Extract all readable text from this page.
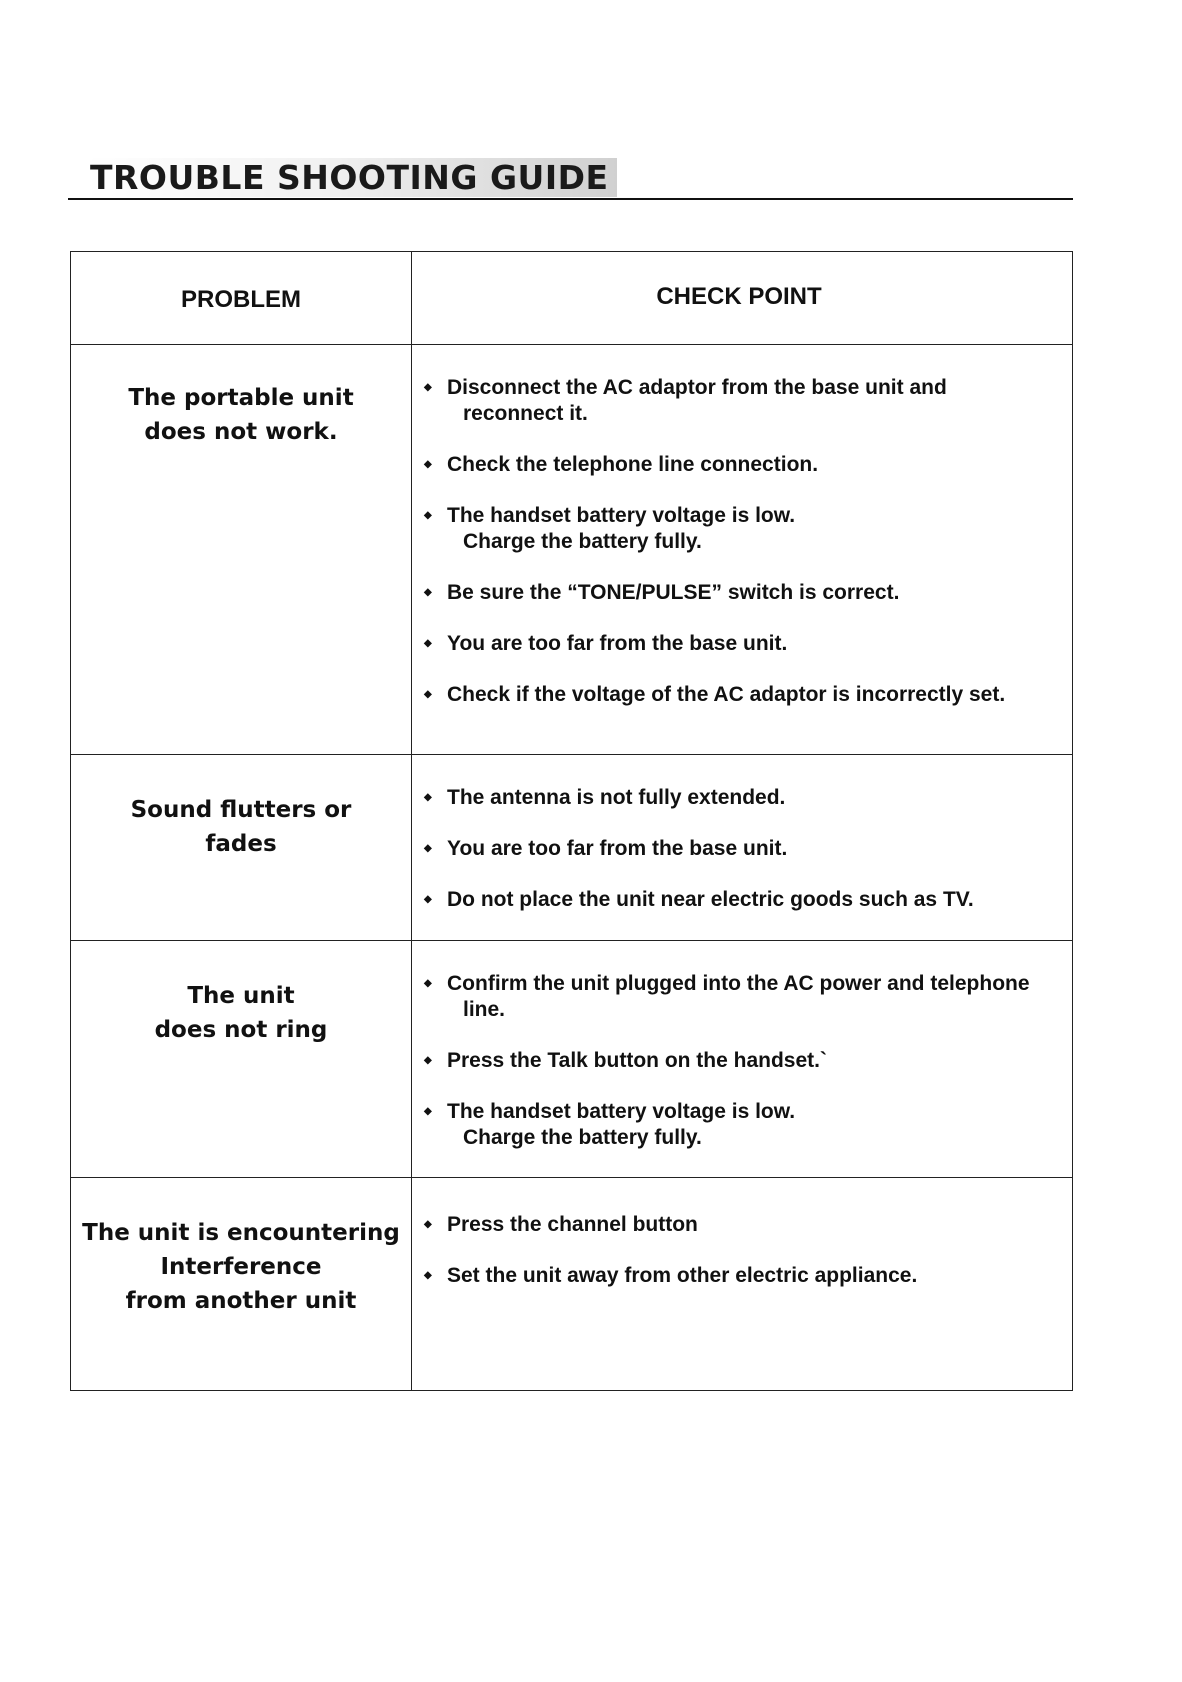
TROUBLE SHOOTING GUIDE
PROBLEM	CHECK POINT
The portable unit
does not work.
◆ Disconnect the AC adaptor from the base unit and
reconnect it.
◆ Check the telephone line connection.
◆ The handset battery voltage is low.
Charge the battery fully.
◆ Be sure the “TONE/PULSE” switch is correct.
◆ You are too far from the base unit.
◆ Check if the voltage of the AC adaptor is incorrectly set.
Sound flutters or
fades
◆ The antenna is not fully extended.
◆ You are too far from the base unit.
◆ Do not place the unit near electric goods such as TV.
The unit
does not ring
◆ Confirm the unit plugged into the AC power and telephone
line.
◆ Press the Talk button on the handset.`
◆ The handset battery voltage is low.
Charge the battery fully.
The unit is encountering
Interference
from another unit
◆ Press the channel button
◆ Set the unit away from other electric appliance.
